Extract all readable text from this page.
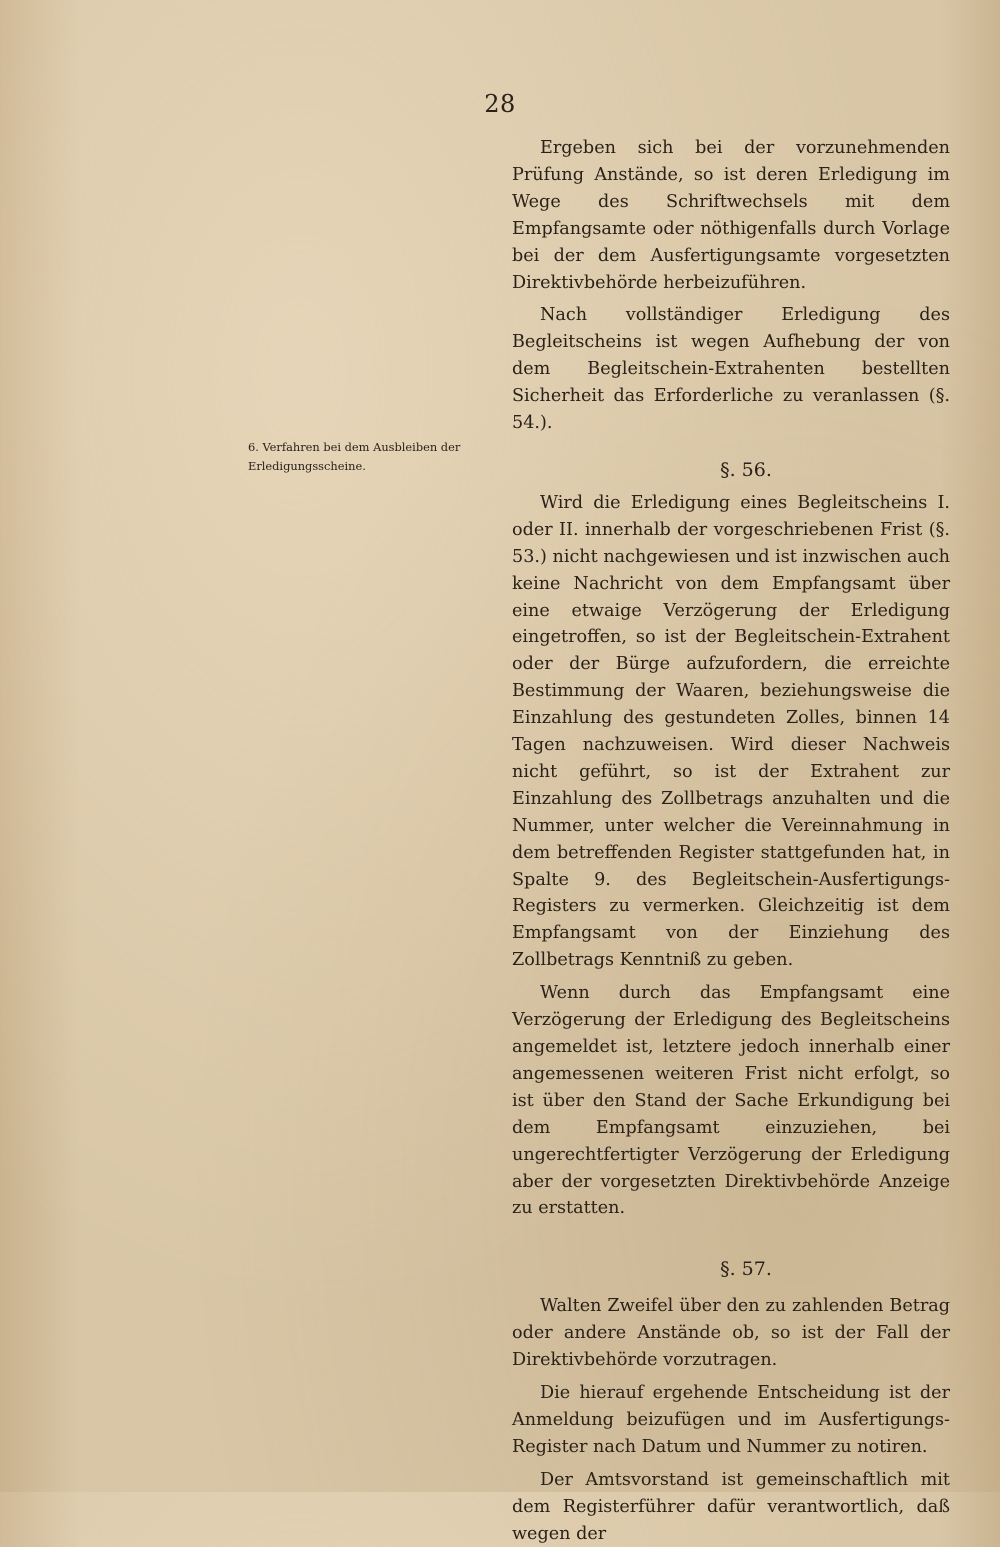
28
6. Verfahren bei dem Ausbleiben der Erledigungsscheine.

Ergeben sich bei der vorzunehmenden Prüfung Anstände, so ist deren Erledigung im Wege des Schriftwechsels mit dem Empfangsamte oder nöthigenfalls durch Vorlage bei der dem Ausfertigungsamte vorgesetzten Direktivbehörde herbeizuführen.

Nach vollständiger Erledigung des Begleitscheins ist wegen Aufhebung der von dem Begleitschein-Extrahenten bestellten Sicherheit das Erforderliche zu veranlassen (§. 54.).

§. 56.

Wird die Erledigung eines Begleitscheins I. oder II. innerhalb der vorgeschriebenen Frist (§. 53.) nicht nachgewiesen und ist inzwischen auch keine Nachricht von dem Empfangsamt über eine etwaige Verzögerung der Erledigung eingetroffen, so ist der Begleitschein-Extrahent oder der Bürge aufzufordern, die erreichte Bestimmung der Waaren, beziehungsweise die Einzahlung des gestundeten Zolles, binnen 14 Tagen nachzuweisen. Wird dieser Nachweis nicht geführt, so ist der Extrahent zur Einzahlung des Zollbetrags anzuhalten und die Nummer, unter welcher die Vereinnahmung in dem betreffenden Register stattgefunden hat, in Spalte 9. des Begleitschein-Ausfertigungs-Registers zu vermerken. Gleichzeitig ist dem Empfangsamt von der Einziehung des Zollbetrags Kenntniß zu geben.

Wenn durch das Empfangsamt eine Verzögerung der Erledigung des Begleitscheins angemeldet ist, letztere jedoch innerhalb einer angemessenen weiteren Frist nicht erfolgt, so ist über den Stand der Sache Erkundigung bei dem Empfangsamt einzuziehen, bei ungerechtfertigter Verzögerung der Erledigung aber der vorgesetzten Direktivbehörde Anzeige zu erstatten.

§. 57.

Walten Zweifel über den zu zahlenden Betrag oder andere Anstände ob, so ist der Fall der Direktivbehörde vorzutragen.

Die hierauf ergehende Entscheidung ist der Anmeldung beizufügen und im Ausfertigungs-Register nach Datum und Nummer zu notiren.

Der Amtsvorstand ist gemeinschaftlich mit dem Registerführer dafür verantwortlich, daß wegen der
